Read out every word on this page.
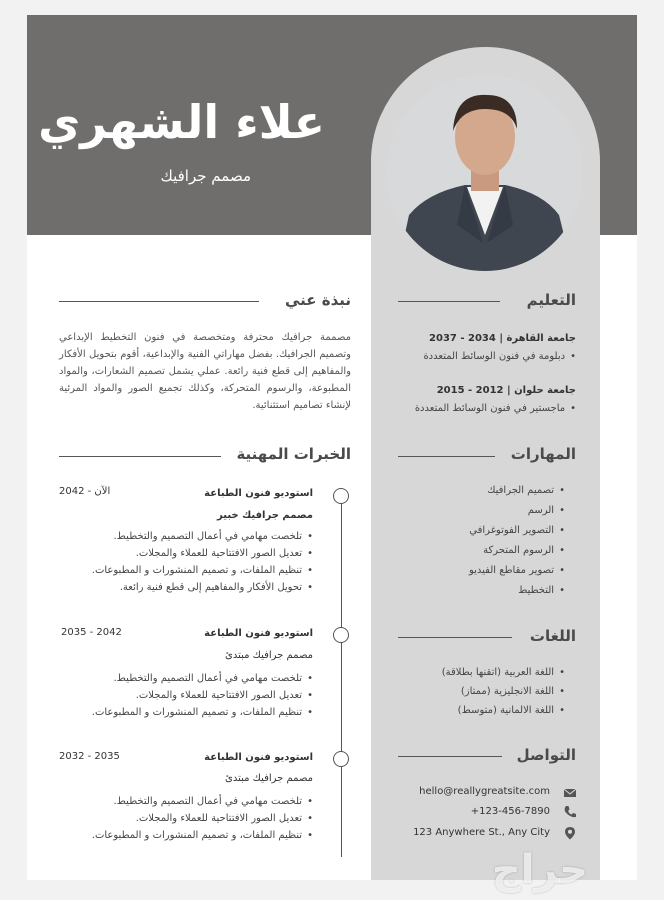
علاء الشهري
مصمم جرافيك
التعليم
جامعة القاهرة | 2034 - 2037
• دبلومة في فنون الوسائط المتعددة
جامعة حلوان | 2012 - 2015
• ماجستير في فنون الوسائط المتعددة
المهارات
• تصميم الجرافيك
• الرسم
• التصوير الفوتوغرافي
• الرسوم المتحركة
• تصوير مقاطع الفيديو
• التخطيط
اللغات
• اللغة العربية (اتقنها بطلاقة)
• اللغة الانجليزية (ممتاز)
• اللغة الالمانية (متوسط)
التواصل
hello@reallygreatsite.com
+123-456-7890
123 Anywhere St., Any City
نبذة عني
مصممة جرافيك محترفة ومتخصصة في فنون التخطيط الإبداعي وتصميم الجرافيك. بفضل مهاراتي الفنية والإبداعية، أقوم بتحويل الأفكار والمفاهيم إلى قطع فنية رائعة. عملي يشمل تصميم الشعارات، والمواد المطبوعة، والرسوم المتحركة، وكذلك تجميع الصور والمواد المرئية لإنشاء تصاميم استثنائية.
الخبرات المهنية
استوديو فنون الطباعة
2042 - الآن
مصمم جرافيك خبير
• تلخصت مهامي في أعمال التصميم والتخطيط.
• تعديل الصور الافتتاحية للعملاء والمجلات.
• تنظيم الملفات، و تصميم المنشورات و المطبوعات.
• تحويل الأفكار والمفاهيم إلى قطع فنية رائعة.
استوديو فنون الطباعة
2035 - 2042
مصمم جرافيك مبتدئ
• تلخصت مهامي في أعمال التصميم والتخطيط.
• تعديل الصور الافتتاحية للعملاء والمجلات.
• تنظيم الملفات، و تصميم المنشورات و المطبوعات.
استوديو فنون الطباعة
2032 - 2035
مصمم جرافيك مبتدئ
• تلخصت مهامي في أعمال التصميم والتخطيط.
• تعديل الصور الافتتاحية للعملاء والمجلات.
• تنظيم الملفات، و تصميم المنشورات و المطبوعات.
حراج
